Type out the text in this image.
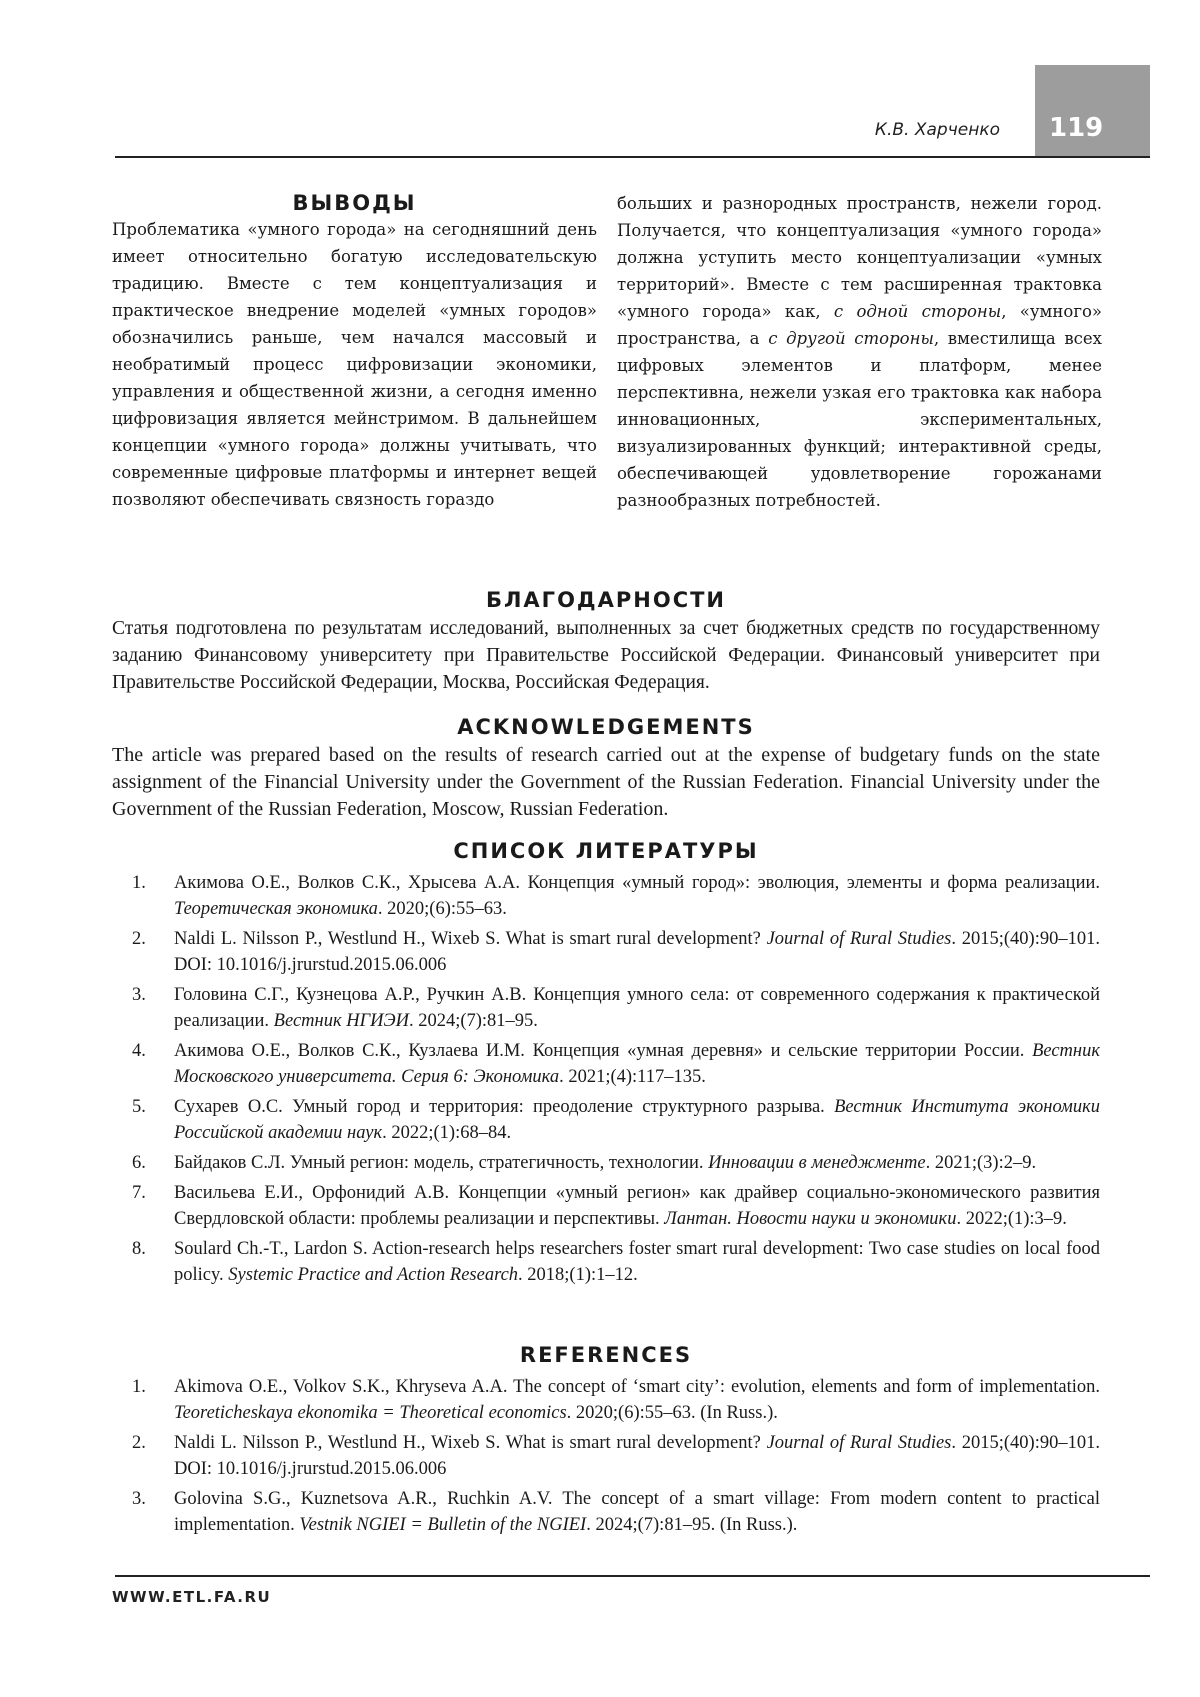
119
К.В. Харченко
ВЫВОДЫ

Проблематика «умного города» на сегодняшний день имеет относительно богатую исследовательскую традицию. Вместе с тем концептуализация и практическое внедрение моделей «умных городов» обозначились раньше, чем начался массовый и необратимый процесс цифровизации экономики, управления и общественной жизни, а сегодня именно цифровизация является мейнстримом. В дальнейшем концепции «умного города» должны учитывать, что современные цифровые платформы и интернет вещей позволяют обеспечивать связность гораздо

больших и разнородных пространств, нежели город. Получается, что концептуализация «умного города» должна уступить место концептуализации «умных территорий». Вместе с тем расширенная трактовка «умного города» как, с одной стороны, «умного» пространства, а с другой стороны, вместилища всех цифровых элементов и платформ, менее перспективна, нежели узкая его трактовка как набора инновационных, экспериментальных, визуализированных функций; интерактивной среды, обеспечивающей удовлетворение горожанами разнообразных потребностей.

БЛАГОДАРНОСТИ

Статья подготовлена по результатам исследований, выполненных за счет бюджетных средств по государственному заданию Финансовому университету при Правительстве Российской Федерации. Финансовый университет при Правительстве Российской Федерации, Москва, Российская Федерация.

ACKNOWLEDGEMENTS

The article was prepared based on the results of research carried out at the expense of budgetary funds on the state assignment of the Financial University under the Government of the Russian Federation. Financial University under the Government of the Russian Federation, Moscow, Russian Federation.

СПИСОК ЛИТЕРАТУРЫ
1. Акимова О.Е., Волков С.К., Хрысева А.А. Концепция «умный город»: эволюция, элементы и форма реализации. Теоретическая экономика. 2020;(6):55–63.
2. Naldi L. Nilsson P., Westlund H., Wixeb S. What is smart rural development? Journal of Rural Studies. 2015;(40):90–101. DOI: 10.1016/j.jrurstud.2015.06.006
3. Головина С.Г., Кузнецова А.Р., Ручкин А.В. Концепция умного села: от современного содержания к практической реализации. Вестник НГИЭИ. 2024;(7):81–95.
4. Акимова О.Е., Волков С.К., Кузлаева И.М. Концепция «умная деревня» и сельские территории России. Вестник Московского университета. Серия 6: Экономика. 2021;(4):117–135.
5. Сухарев О.С. Умный город и территория: преодоление структурного разрыва. Вестник Института экономики Российской академии наук. 2022;(1):68–84.
6. Байдаков С.Л. Умный регион: модель, стратегичность, технологии. Инновации в менеджменте. 2021;(3):2–9.
7. Васильева Е.И., Орфонидий А.В. Концепции «умный регион» как драйвер социально-экономического развития Свердловской области: проблемы реализации и перспективы. Лантан. Новости науки и экономики. 2022;(1):3–9.
8. Soulard Ch.-T., Lardon S. Action-research helps researchers foster smart rural development: Two case studies on local food policy. Systemic Practice and Action Research. 2018;(1):1–12.
REFERENCES
1. Akimova O.E., Volkov S.K., Khryseva A.A. The concept of ‘smart city’: evolution, elements and form of implementation. Teoreticheskaya ekonomika = Theoretical economics. 2020;(6):55–63. (In Russ.).
2. Naldi L. Nilsson P., Westlund H., Wixeb S. What is smart rural development? Journal of Rural Studies. 2015;(40):90–101. DOI: 10.1016/j.jrurstud.2015.06.006
3. Golovina S.G., Kuznetsova A.R., Ruchkin A.V. The concept of a smart village: From modern content to practical implementation. Vestnik NGIEI = Bulletin of the NGIEI. 2024;(7):81–95. (In Russ.).
WWW.ETL.FA.RU
